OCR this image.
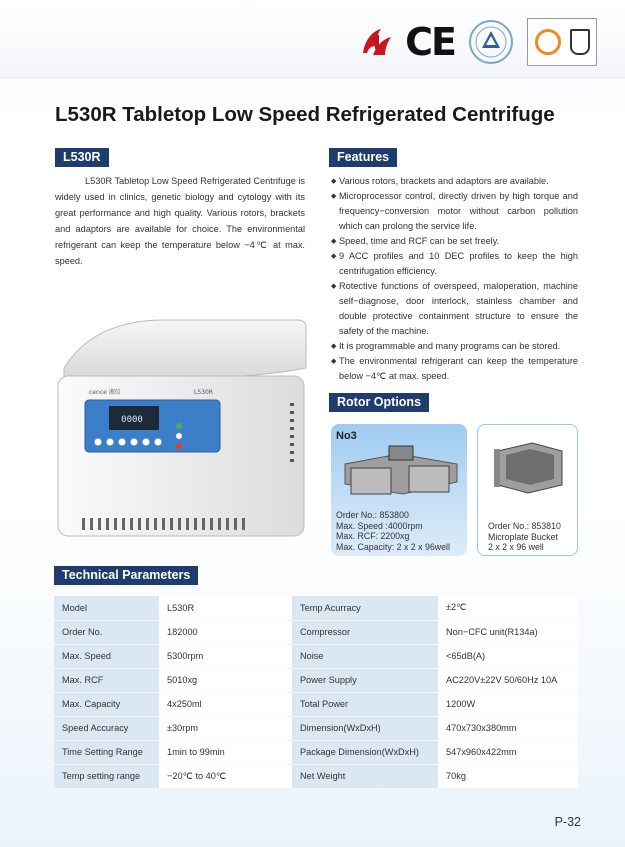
CE
L530R Tabletop Low Speed Refrigerated Centrifuge
L530R

L530R Tabletop Low Speed Refrigerated Centrifuge is widely used in clinics, genetic biology and cytology with its great performance and high quality. Various rotors, brackets and adaptors are available for choice. The environmental refrigerant can keep the temperature below −4℃ at max. speed.

Features
◆ Various rotors, brackets and adaptors are available.
◆ Microprocessor control, directly driven by high torque and frequency−conversion motor without carbon pollution which can prolong the service life.
◆ Speed, time and RCF can be set freely.
◆ 9 ACC profiles and 10 DEC profiles to keep the high centrifugation efficiency.
◆ Rotective functions of overspeed, maloperation, machine self−diagnose, door interlock, stainless chamber and double protective containment structure to ensure the safety of the machine.
◆ It is programmable and many programs can be stored.
◆ The environmental refrigerant can keep the temperature below −4℃ at max. speed.
0000
cence 湘仪	L530R
Rotor Options
No3
Order No.: 853800
Max. Speed :4000rpm
Max. RCF: 2200xg
Max. Capacity: 2 x 2 x 96well
Order No.: 853810
Microplate Bucket
2 x 2 x 96 well
Technical Parameters
Model	L530R	Temp Acurracy	±2℃
Order No.	182000	Compressor	Non−CFC unit(R134a)
Max. Speed	5300rpm	Noise	<65dB(A)
Max. RCF	5010xg	Power Supply	AC220V±22V 50/60Hz 10A
Max. Capacity	4x250ml	Total Power	1200W
Speed Accuracy	±30rpm	Dimension(WxDxH)	470x730x380mm
Time Setting Range	1min to 99min	Package Dimension(WxDxH)	547x960x422mm
Temp setting range	−20℃ to 40℃	Net Weight	70kg
P-32
